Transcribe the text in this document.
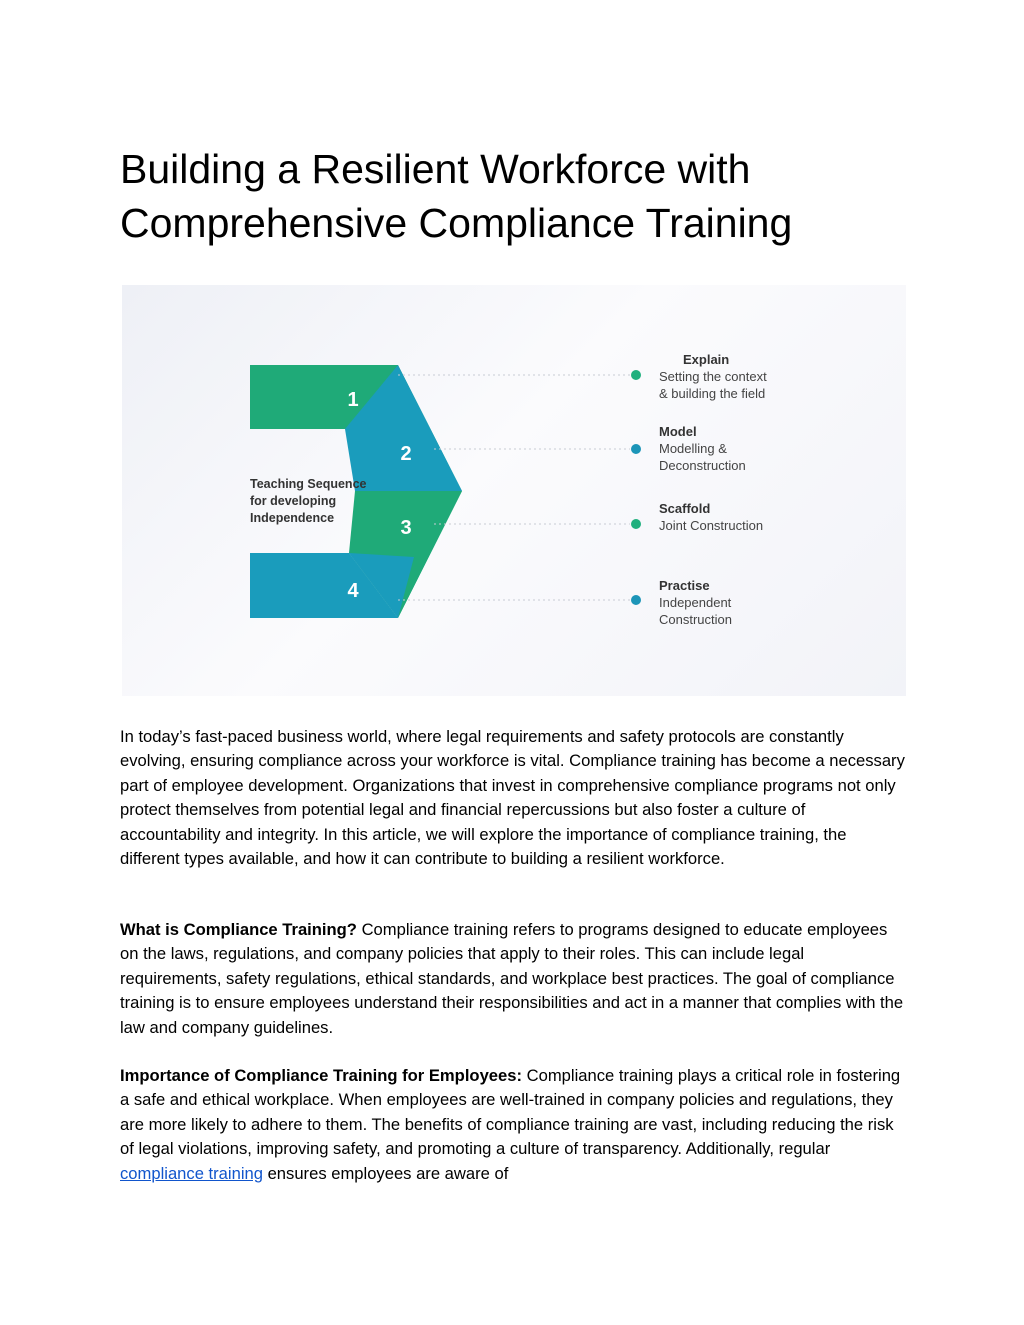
Building a Resilient Workforce with
Comprehensive Compliance Training
1
2
3
4
Teaching Sequence
for developing
Independence
Explain
Setting the context
& building the field
Model
Modelling &
Deconstruction
Scaffold
Joint Construction
Practise
Independent
Construction

In today’s fast-paced business world, where legal requirements and safety protocols are constantly evolving, ensuring compliance across your workforce is vital. Compliance training has become a necessary part of employee development. Organizations that invest in comprehensive compliance programs not only protect themselves from potential legal and financial repercussions but also foster a culture of accountability and integrity. In this article, we will explore the importance of compliance training, the different types available, and how it can contribute to building a resilient workforce.

What is Compliance Training? Compliance training refers to programs designed to educate employees on the laws, regulations, and company policies that apply to their roles. This can include legal requirements, safety regulations, ethical standards, and workplace best practices. The goal of compliance training is to ensure employees understand their responsibilities and act in a manner that complies with the law and company guidelines.

Importance of Compliance Training for Employees: Compliance training plays a critical role in fostering a safe and ethical workplace. When employees are well-trained in company policies and regulations, they are more likely to adhere to them. The benefits of compliance training are vast, including reducing the risk of legal violations, improving safety, and promoting a culture of transparency. Additionally, regular compliance training ensures employees are aware of
